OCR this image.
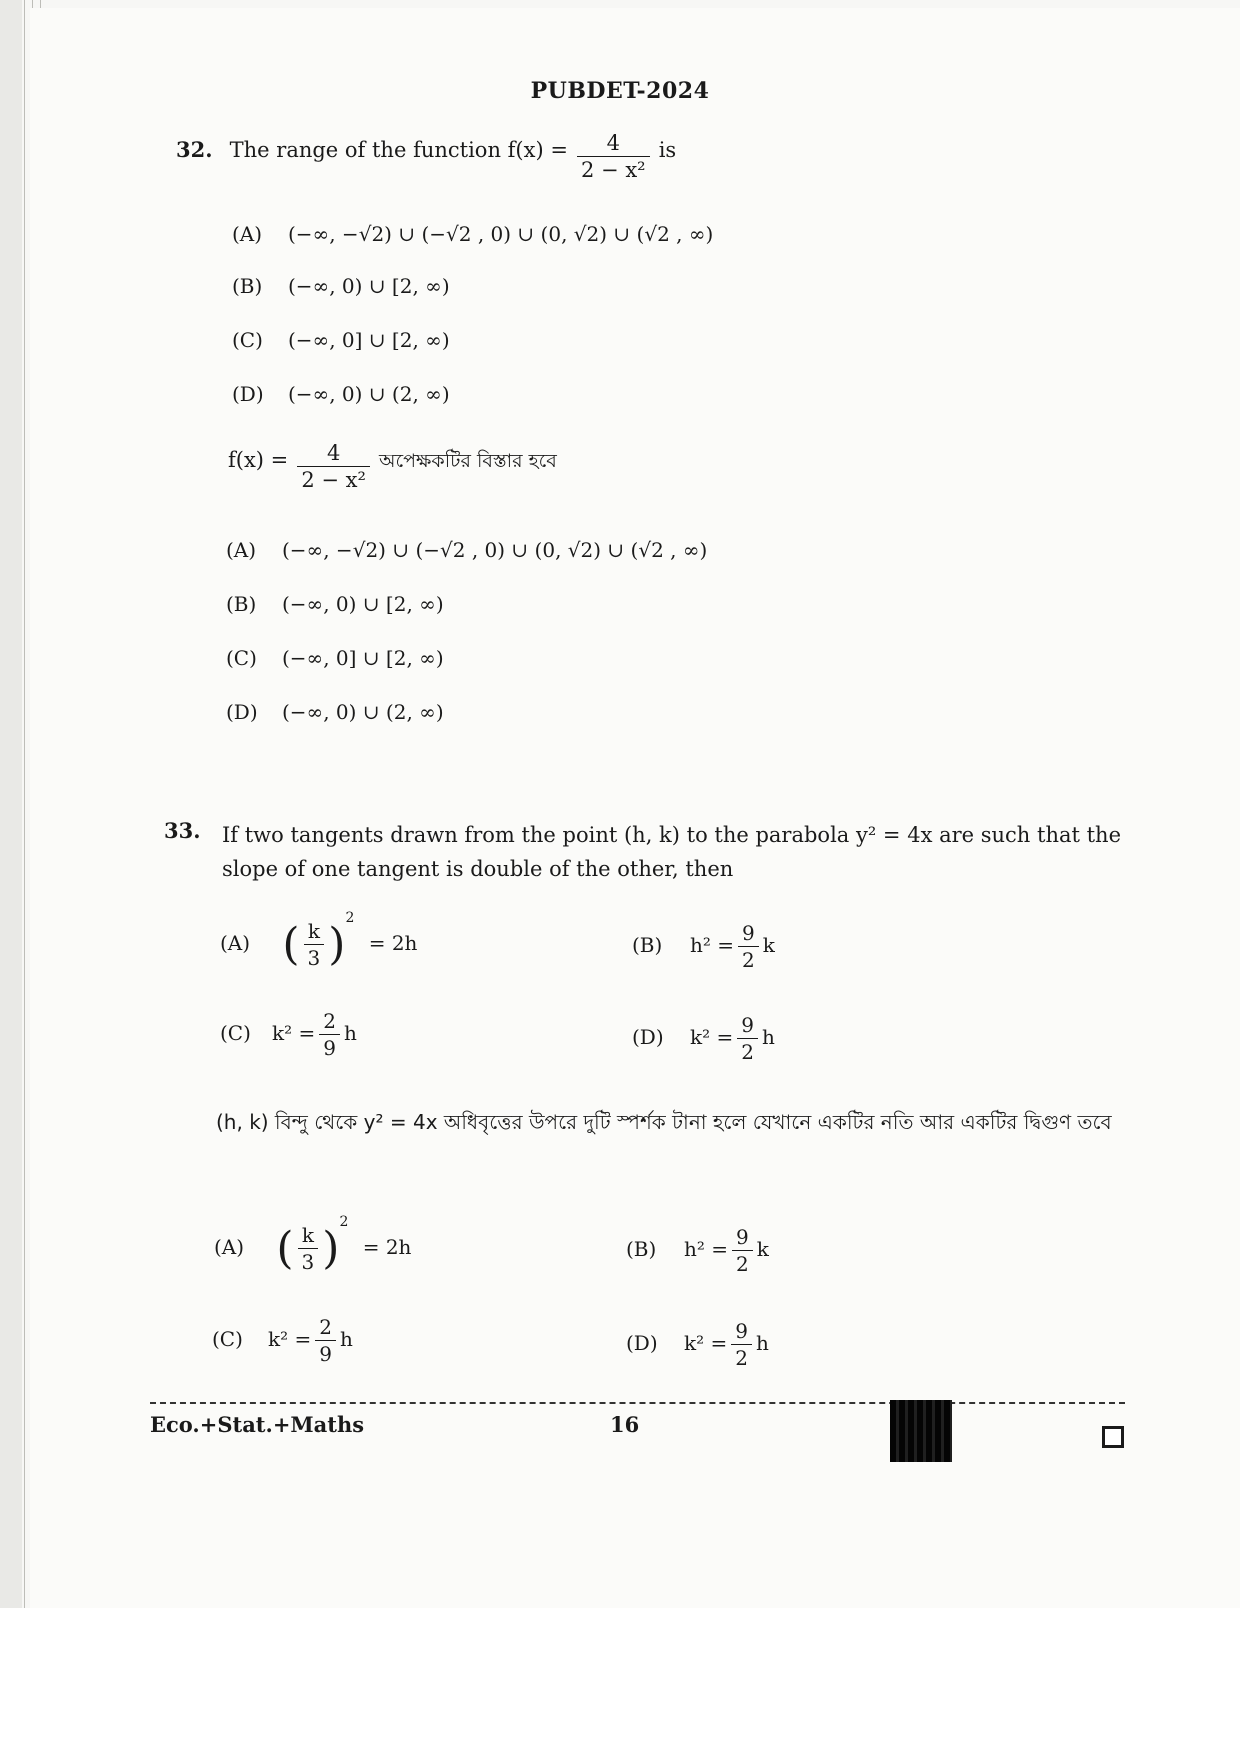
PUBDET-2024
32. The range of the function $f(x) = \frac{4}{\text{2 − x²}}$ is
(A) (−∞, −√2) ∪ (−√2 , 0) ∪ (0, √2) ∪ (√2 , ∞)
(B) (−∞, 0) ∪ [2, ∞)
(C) (−∞, 0] ∪ [2, ∞)
(D) (−∞, 0) ∪ (2, ∞)
$f(x) = \frac{4}{\text{2 − x²}}$ অপেক্ষকটির বিস্তার হবে
(A) (−∞, −√2) ∪ (−√2 , 0) ∪ (0, √2) ∪ (√2 , ∞)
(B) (−∞, 0) ∪ [2, ∞)
(C) (−∞, 0] ∪ [2, ∞)
(D) (−∞, 0) ∪ (2, ∞)
33. If two tangents drawn from the point (h, k) to the parabola y² = 4x are such that the slope of one tangent is double of the other, then
(A) ( $\frac{k}{3} )^2 = 2h$	(B) $h^2 = \frac{9}{2}$ k
(C) $k^2 = \frac{2}{9}$ h	(D) $k^2 = \frac{9}{2}$ h
(h, k) বিন্দু থেকে y² = 4x অধিবৃত্তের উপরে দুটি স্পর্শক টানা হলে যেখানে একটির নতি আর একটির দ্বিগুণ তবে
(A) ( $\frac{k}{3} )^2 = 2h$	(B) $h^2 = \frac{9}{2}$ k
(C) $k^2 = \frac{2}{9}$ h	(D) $k^2 = \frac{9}{2}$ h
Eco.+Stat.+Maths	16
